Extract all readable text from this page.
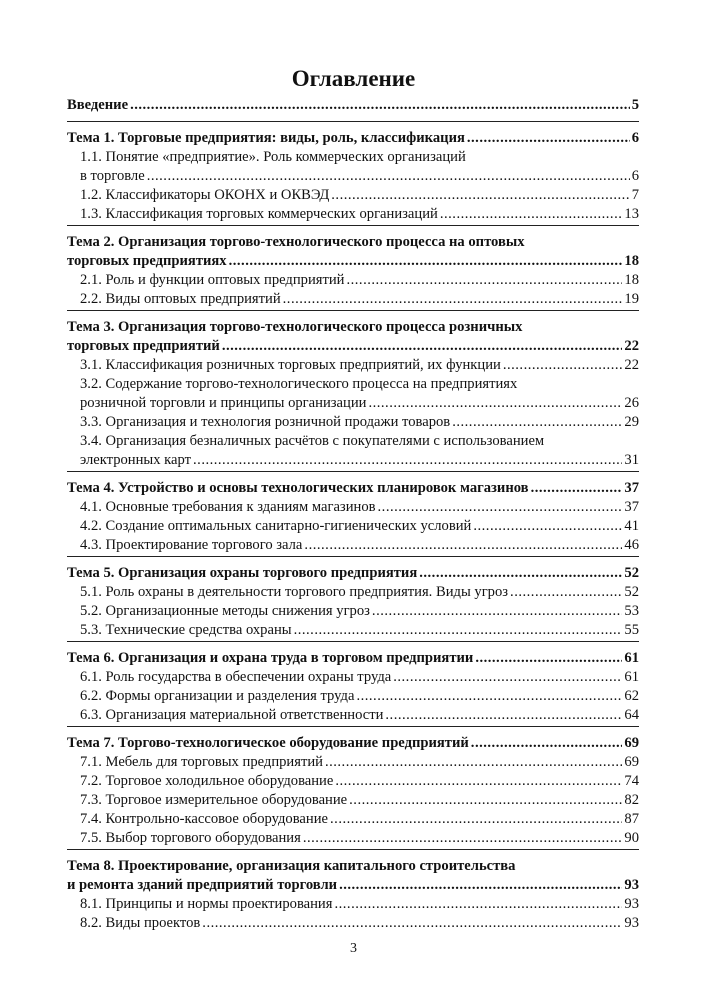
Оглавление
Введение .....	5
Тема 1. Торговые предприятия: виды, роль, классификация .....	6
1.1. Понятие «предприятие». Роль коммерческих организаций
в торговле .....	6
1.2. Классификаторы ОКОНХ и ОКВЭД .....	7
1.3. Классификация торговых коммерческих организаций .....	13
Тема 2. Организация торгово-технологического процесса на оптовых
торговых предприятиях .....	18
2.1. Роль и функции оптовых предприятий .....	18
2.2. Виды оптовых предприятий .....	19
Тема 3. Организация торгово-технологического процесса розничных
торговых предприятий .....	22
3.1. Классификация розничных торговых предприятий, их функции .....	22
3.2. Содержание торгово-технологического процесса на предприятиях
розничной торговли и принципы организации .....	26
3.3. Организация и технология розничной продажи товаров .....	29
3.4. Организация безналичных расчётов с покупателями с использованием
электронных карт .....	31
Тема 4. Устройство и основы технологических планировок магазинов .....	37
4.1. Основные требования к зданиям магазинов .....	37
4.2. Создание оптимальных санитарно-гигиенических условий .....	41
4.3. Проектирование торгового зала .....	46
Тема 5. Организация охраны торгового предприятия .....	52
5.1. Роль охраны в деятельности торгового предприятия. Виды угроз .....	52
5.2. Организационные методы снижения угроз .....	53
5.3. Технические средства охраны .....	55
Тема 6. Организация и охрана труда в торговом предприятии .....	61
6.1. Роль государства в обеспечении охраны труда .....	61
6.2. Формы организации и разделения труда .....	62
6.3. Организация материальной ответственности .....	64
Тема 7. Торгово-технологическое оборудование предприятий .....	69
7.1. Мебель для торговых предприятий .....	69
7.2. Торговое холодильное оборудование .....	74
7.3. Торговое измерительное оборудование .....	82
7.4. Контрольно-кассовое оборудование .....	87
7.5. Выбор торгового оборудования .....	90
Тема 8. Проектирование, организация капитального строительства
и ремонта зданий предприятий торговли .....	93
8.1. Принципы и нормы проектирования .....	93
8.2. Виды проектов .....	93
3
